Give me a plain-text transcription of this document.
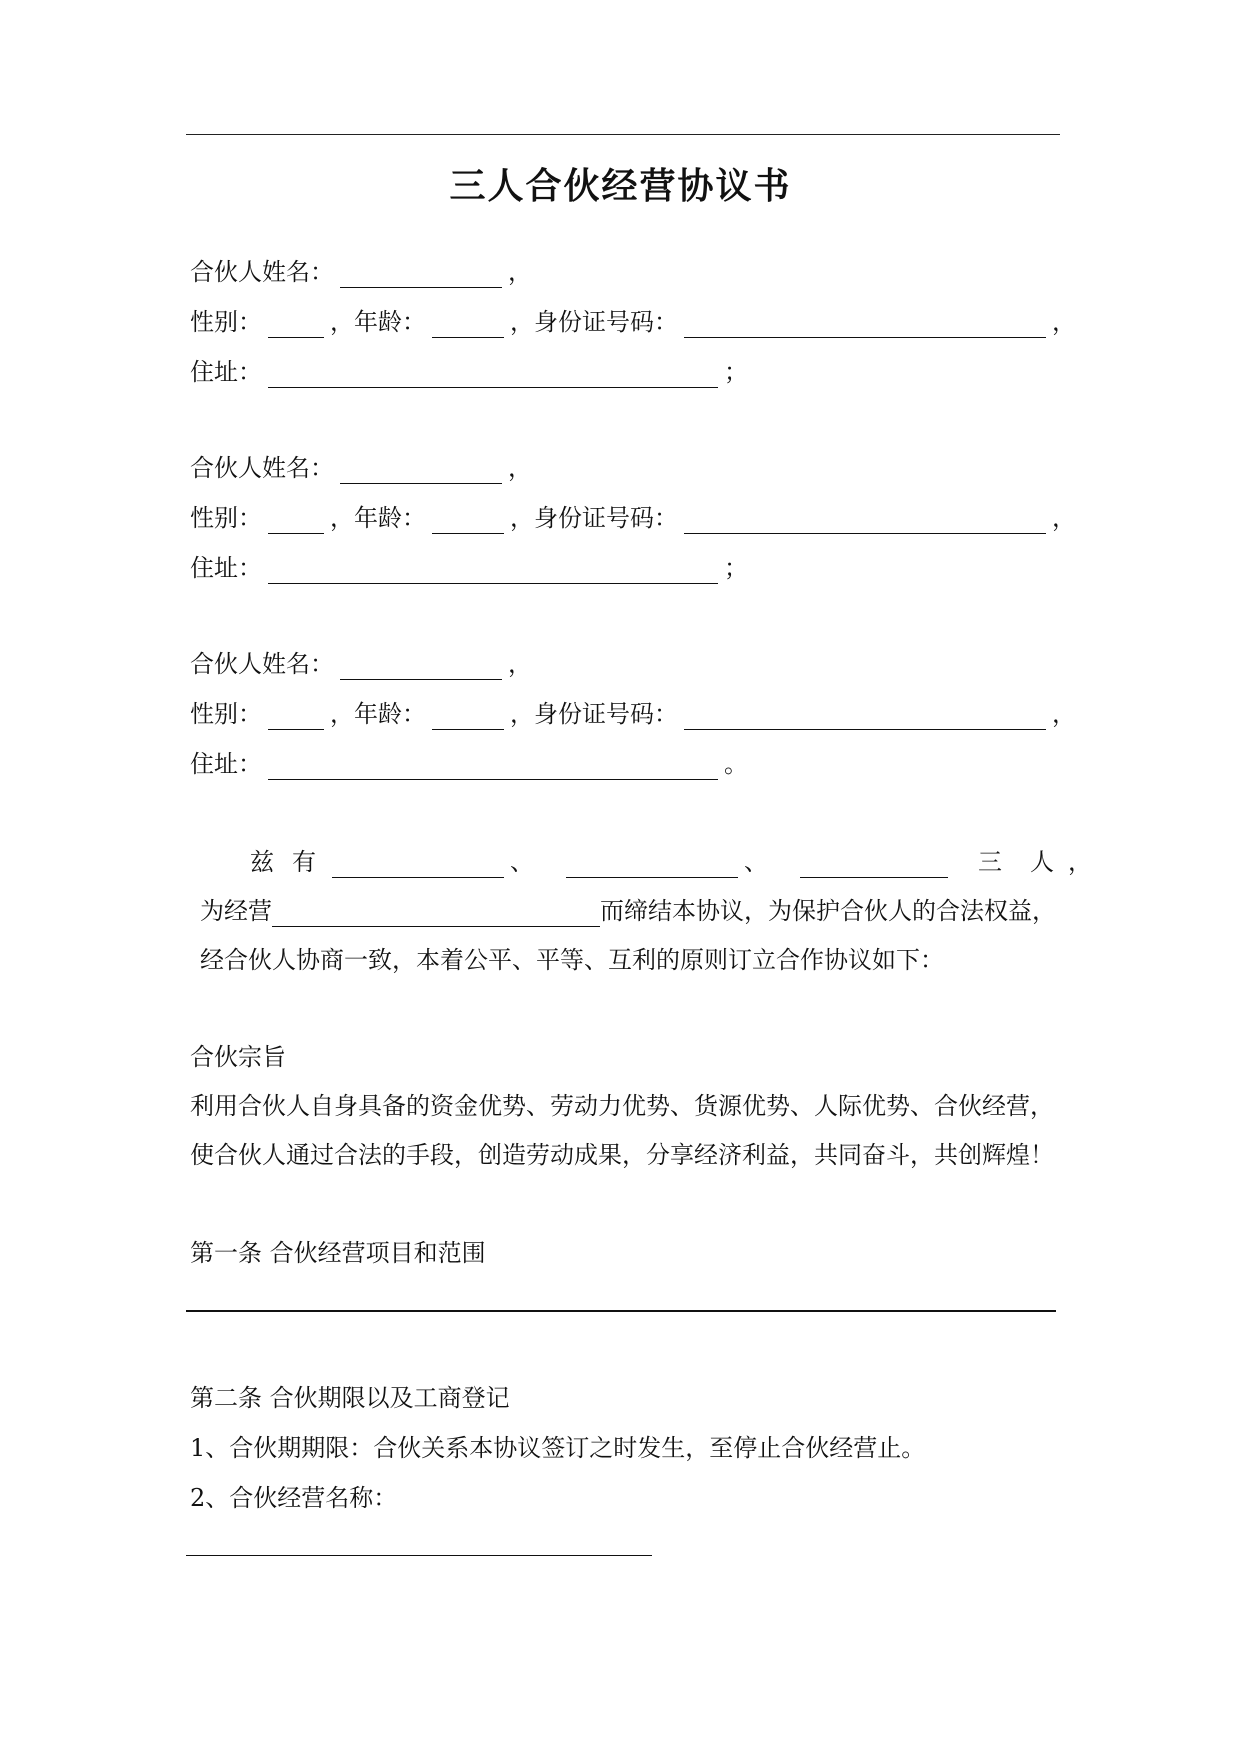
三人合伙经营协议书
合伙人姓名：	，
性别：	，年龄：	，身份证号码：	，
住址：	；
合伙人姓名：	，
性别：	，年龄：	，身份证号码：	，
住址：	；
合伙人姓名：	，
性别：	，年龄：	，身份证号码：	，
住址：	。
兹 有	、	、	三 人 ，
为经营	而缔结本协议，为保护合伙人的合法权益，
经合伙人协商一致，本着公平、平等、互利的原则订立合作协议如下：
合伙宗旨
利用合伙人自身具备的资金优势、劳动力优势、货源优势、人际优势、合伙经营，
使合伙人通过合法的手段，创造劳动成果，分享经济利益，共同奋斗，共创辉煌！
第一条 合伙经营项目和范围
第二条 合伙期限以及工商登记
1、合伙期期限：合伙关系本协议签订之时发生，至停止合伙经营止。
2、合伙经营名称：
